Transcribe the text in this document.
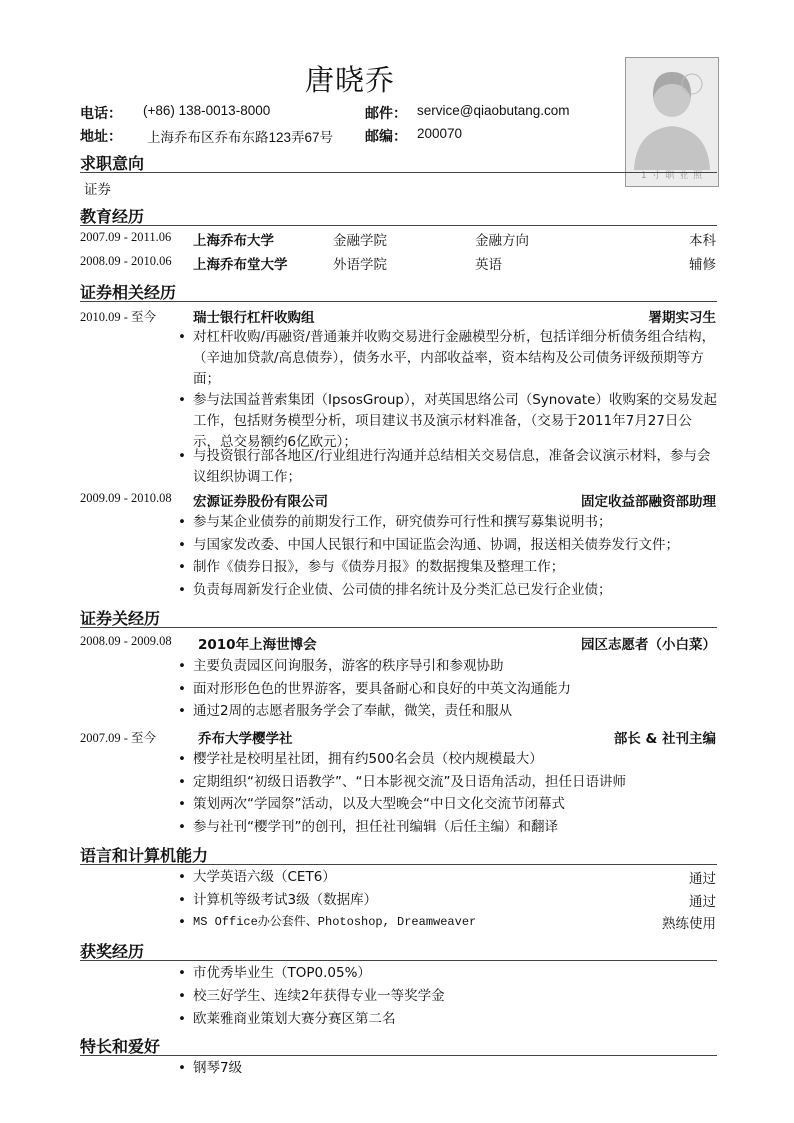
唐晓乔
电话： (+86) 138-0013-8000	邮件： service@qiaobutang.com
地址： 上海乔布区乔布东路123弄67号 邮编： 200070
1 寸 职 业 照
求职意向
证券
教育经历
2007.09 - 2011.06 上海乔布大学	金融学院	金融方向	本科
2008.09 - 2010.06 上海乔布堂大学	外语学院	英语	辅修
证券相关经历
2010.09 - 至今	瑞士银行杠杆收购组	署期实习生
• 对杠杆收购/再融资/普通兼并收购交易进行金融模型分析，包括详细分析债务组合结构，（辛迪加贷款/高息债券），债务水平，内部收益率，资本结构及公司债务评级预期等方面；
• 参与法国益普索集团（IpsosGroup），对英国思络公司（Synovate）收购案的交易发起工作，包括财务模型分析，项目建议书及演示材料准备，（交易于2011年7月27日公示，总交易额约6亿欧元）；
• 与投资银行部各地区/行业组进行沟通并总结相关交易信息，准备会议演示材料，参与会议组织协调工作；
2009.09 - 2010.08 宏源证券股份有限公司	固定收益部融资部助理
• 参与某企业债券的前期发行工作，研究债券可行性和撰写募集说明书；
• 与国家发改委、中国人民银行和中国证监会沟通、协调，报送相关债券发行文件；
• 制作《债券日报》，参与《债券月报》的数据搜集及整理工作；
• 负责每周新发行企业债、公司债的排名统计及分类汇总已发行企业债；
证券关经历
2008.09 - 2009.08 2010年上海世博会	园区志愿者（小白菜）
• 主要负责园区问询服务，游客的秩序导引和参观协助
• 面对形形色色的世界游客，要具备耐心和良好的中英文沟通能力
• 通过2周的志愿者服务学会了奉献，微笑，责任和服从
2007.09 - 至今	乔布大学樱学社	部长 & 社刊主编
• 樱学社是校明星社团，拥有约500名会员（校内规模最大）
• 定期组织“初级日语教学”、“日本影视交流”及日语角活动，担任日语讲师
• 策划两次“学园祭”活动，以及大型晚会“中日文化交流节闭幕式
• 参与社刊“樱学刊”的创刊，担任社刊编辑（后任主编）和翻译
语言和计算机能力
• 大学英语六级（CET6）	通过
• 计算机等级考试3级（数据库）	通过
• MS Office办公套件、Photoshop, Dreamweaver	熟练使用
获奖经历
• 市优秀毕业生（TOP0.05%）
• 校三好学生、连续2年获得专业一等奖学金
• 欧莱雅商业策划大赛分赛区第二名
特长和爱好
• 钢琴7级
